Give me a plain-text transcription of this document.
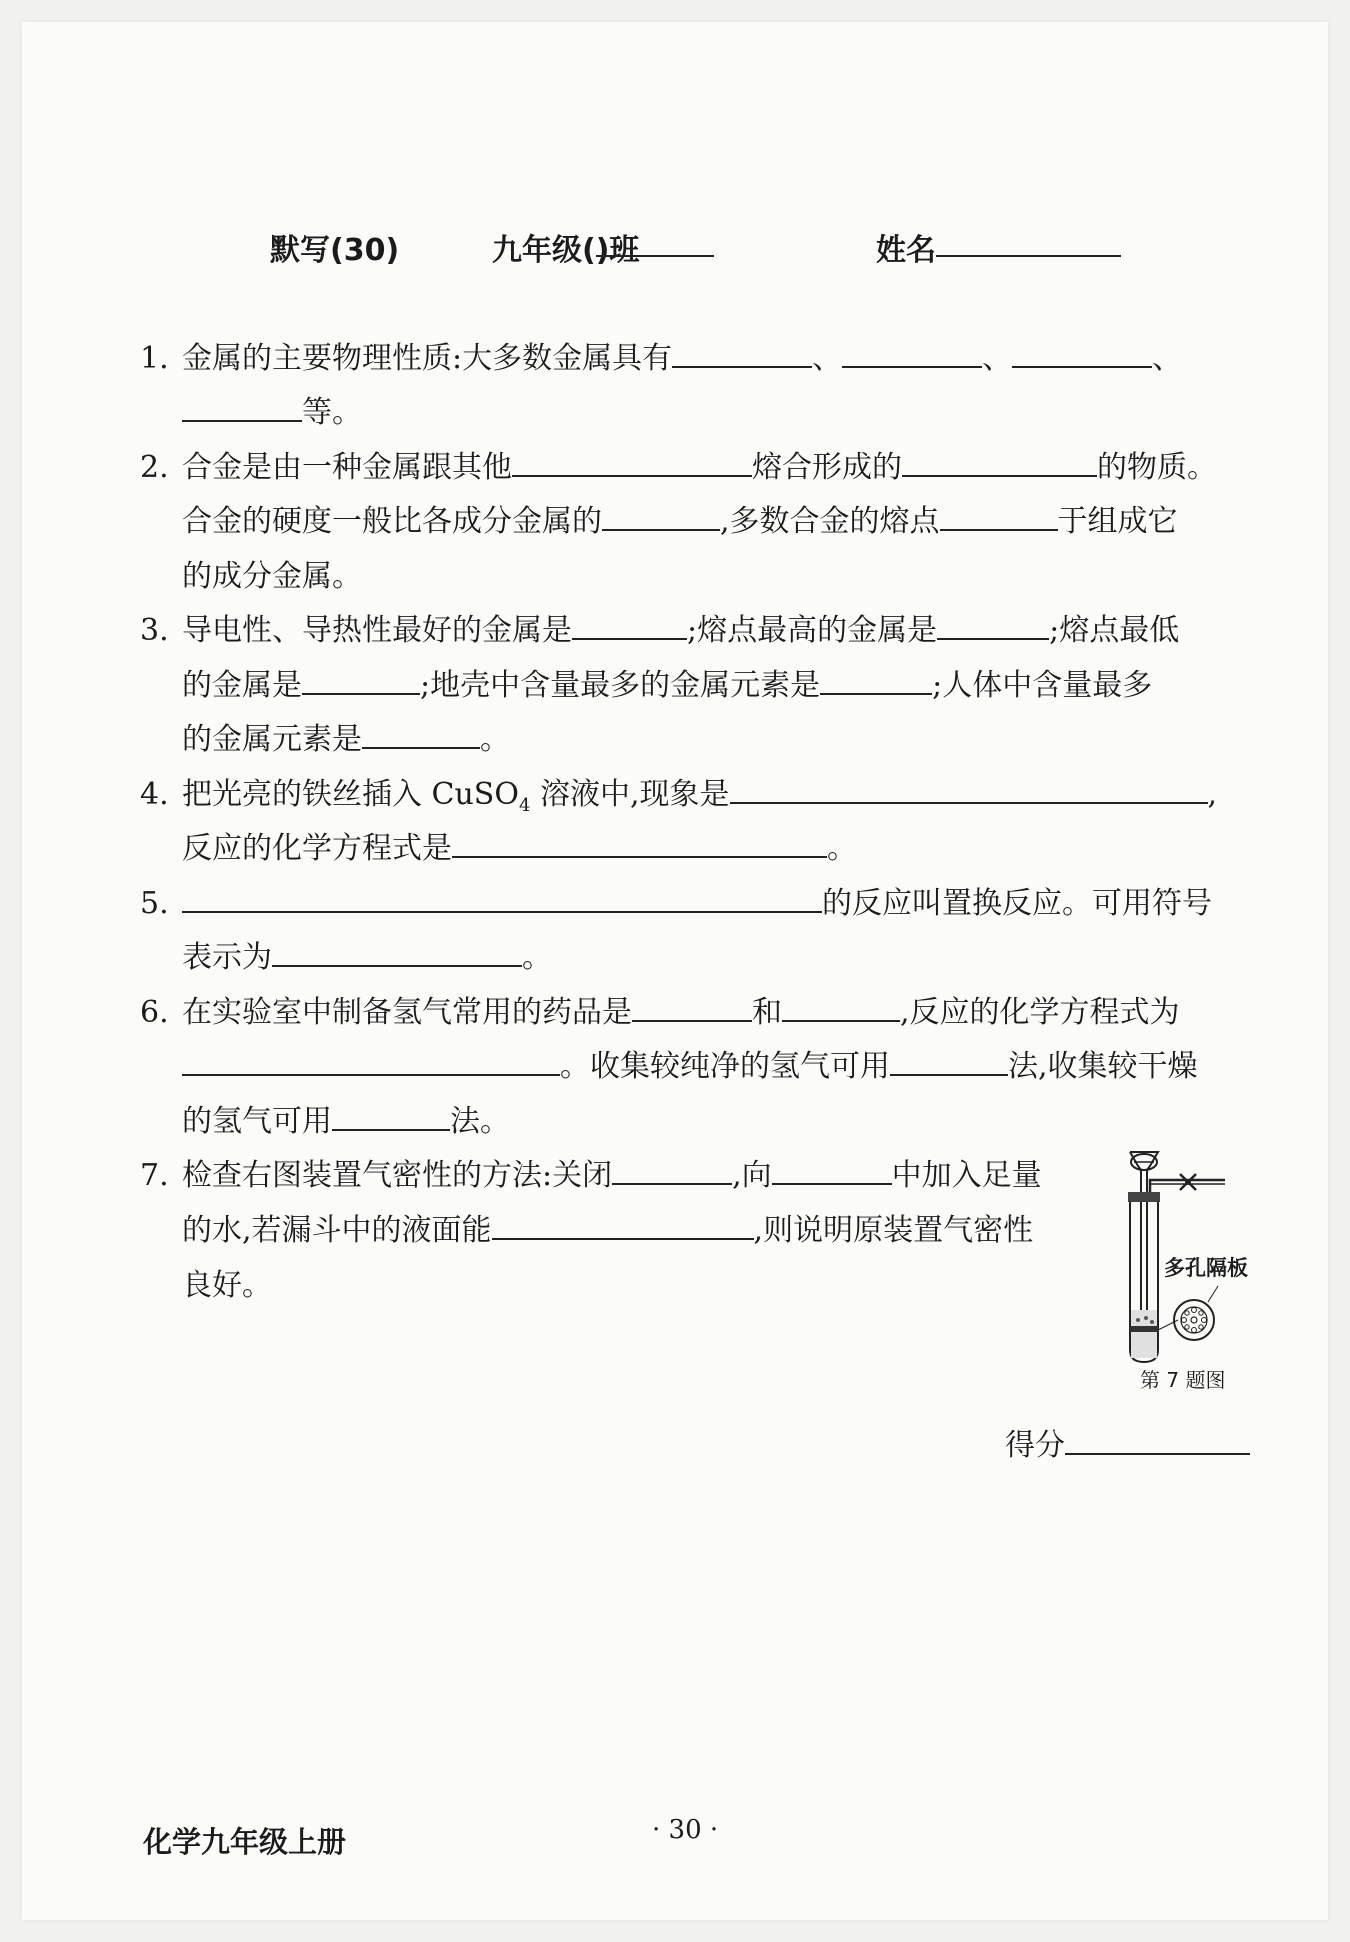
默写(30)	九年级(
)班	姓名
1. 金属的主要物理性质:大多数金属具有	、	、	、
等。
2. 合金是由一种金属跟其他	熔合形成的	的物质。
合金的硬度一般比各成分金属的	,多数合金的熔点	于组成它
的成分金属。
3. 导电性、导热性最好的金属是	;熔点最高的金属是	;熔点最低
的金属是	;地壳中含量最多的金属元素是	;人体中含量最多
的金属元素是	。
4. 把光亮的铁丝插入 CuSO$_4$ 溶液中,现象是	,
反应的化学方程式是	。
5.	的反应叫置换反应。可用符号
表示为	。
6. 在实验室中制备氢气常用的药品是	和	,反应的化学方程式为
。收集较纯净的氢气可用	法,收集较干燥
的氢气可用	法。
7. 检查右图装置气密性的方法:关闭	,向	中加入足量
的水,若漏斗中的液面能	,则说明原装置气密性
良好。	多孔隔板
第 7 题图
得分
化学九年级上册	· 30 ·
